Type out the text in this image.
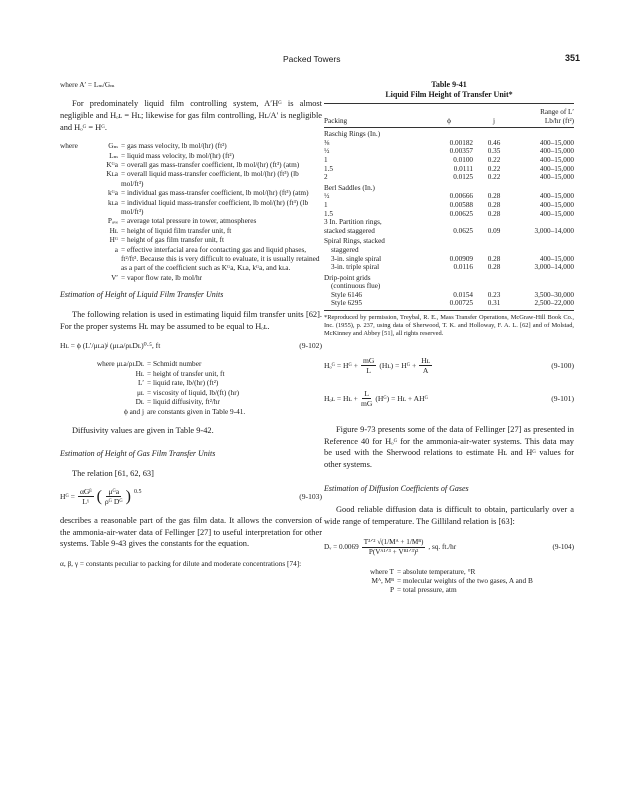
Packed Towers	351

where A′ = Lₘ/Gₘ

For predominately liquid film controlling system, A′Hᴳ is almost negligible and Hₒʟ = Hʟ; likewise for gas film controlling, Hʟ/A′ is negligible and Hₒᴳ = Hᴳ.

where	Gₘ = gas mass velocity, lb mol/(hr) (ft²)
Lₘ = liquid mass velocity, lb mol/(hr) (ft²)
Kᴳa = overall gas mass-transfer coefficient, lb mol/(hr) (ft³) (atm)
Kʟa = overall liquid mass-transfer coefficient, lb mol/(hr) (ft³) (lb mol/ft³)
kᴳa = individual gas mass-transfer coefficient, lb mol/(hr) (ft³) (atm)
kʟa = individual liquid mass-transfer coefficient, lb mol/(hr) (ft³) (lb mol/ft³)
Pₐᵥₑ = average total pressure in tower, atmospheres
Hʟ = height of liquid film transfer unit, ft
Hᴳ = height of gas film transfer unit, ft
a = effective interfacial area for contacting gas and liquid phases, ft²/ft³. Because this is very difficult to evaluate, it is usually retained as a part of the coefficient such as Kᴳa, Kʟa, kᴳa, and kʟa.
V′ = vapor flow rate, lb mol/hr

Estimation of Height of Liquid Film Transfer Units

The following relation is used in estimating liquid film transfer units [62]. For the proper systems Hʟ may be assumed to be equal to Hₒʟ.

Hʟ = ϕ (L′/μʟa)ʲ (μʟa/ρʟDʟ)⁰·⁵, ft	(9-102)
where μʟa/ρʟDʟ = Schmidt number
Hʟ = height of transfer unit, ft
L′ = liquid rate, lb/(hr) (ft²)
μʟ = viscosity of liquid, lb/(ft) (hr)
Dʟ = liquid diffusivity, ft²/hr
ϕ and j are constants given in Table 9-41.

Diffusivity values are given in Table 9-42.

Estimation of Height of Gas Film Transfer Units

The relation [61, 62, 63]

Hᴳ = $\frac{\text{αGᵝ}}{\text{Lᵞ}}$ ( $\frac{\text{μᴳa}}{\text{ρᴳ Dᴳ}}$ ) $^{0.5}$	(9-103)

describes a reasonable part of the gas film data. It allows the conversion of the ammonia-air-water data of Fellinger [27] to useful interpretation for other systems. Table 9-43 gives the constants for the equation.

α, β, γ = constants peculiar to packing for dilute and moderate concentrations [74]:

Table 9-41
Liquid Film Height of Transfer Unit*

Packing	ϕ	j	Range of L′
Lb/hr (ft²)

Raschig Rings (In.)			
⅜	0.00182	0.46	400–15,000
½	0.00357	0.35	400–15,000
1	0.0100	0.22	400–15,000
1.5	0.0111	0.22	400–15,000
2	0.0125	0.22	400–15,000
Berl Saddles (In.)			
½	0.00666	0.28	400–15,000
1	0.00588	0.28	400–15,000
1.5	0.00625	0.28	400–15,000
3 In. Partition rings,			
stacked staggered	0.0625	0.09	3,000–14,000
Spiral Rings, stacked			
staggered			
3-in. single spiral	0.00909	0.28	400–15,000
3-in. triple spiral	0.0116	0.28	3,000–14,000
Drip-point grids			
(continuous flue)			
Style 6146	0.0154	0.23	3,500–30,000
Style 6295	0.00725	0.31	2,500–22,000

*Reproduced by permission, Treybal, R. E., Mass Transfer Operations, McGraw-Hill Book Co., Inc. (1955), p. 237, using data of Sherwood, T. K. and Holloway, F. A. L. [62] and of Molstad, McKinney and Abbey [51], all rights reserved.

Hₒᴳ = Hᴳ + $\frac{mG}{L}$ (Hʟ) = Hᴳ + $\frac{\text{Hʟ}}{A}$	(9-100)
Hₒʟ = Hʟ + $\frac{L}{mG}$ (Hᴳ) = Hʟ + AHᴳ	(9-101)

Figure 9-73 presents some of the data of Fellinger [27] as presented in Reference 40 for Hₒᴳ for the ammonia-air-water systems. This data may be used with the Sherwood relations to estimate Hʟ and Hᴳ values for other systems.

Estimation of Diffusion Coefficients of Gases

Good reliable diffusion data is difficult to obtain, particularly over a wide range of temperature. The Gilliland relation is [63]:

Dᵥ = $0.0069 \frac{\text{T³ᐟ² √(1/Mᴬ + 1/Mᴮ)}}{\text{P(Vᴬ¹ᐟ³ + Vᴮ¹ᐟ³)²}}$ , sq. ft./hr	(9-104)
where T = absolute temperature, °R
Mᴬ, Mᴮ = molecular weights of the two gases, A and B
P = total pressure, atm
